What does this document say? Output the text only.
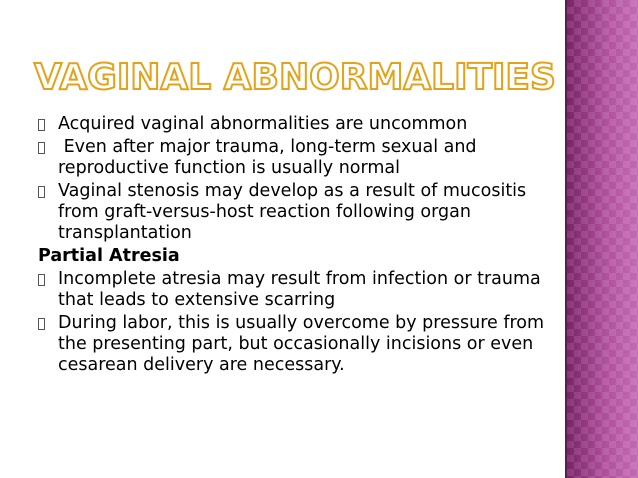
VAGINAL ABNORMALITIES
Acquired vaginal abnormalities are uncommon
Even after major trauma, long-term sexual and reproductive function is usually normal
Vaginal stenosis may develop as a result of mucositis from graft-versus-host reaction following organ transplantation
Partial Atresia
Incomplete atresia may result from infection or trauma that leads to extensive scarring
During labor, this is usually overcome by pressure from the presenting part, but occasionally incisions or even cesarean delivery are necessary.
